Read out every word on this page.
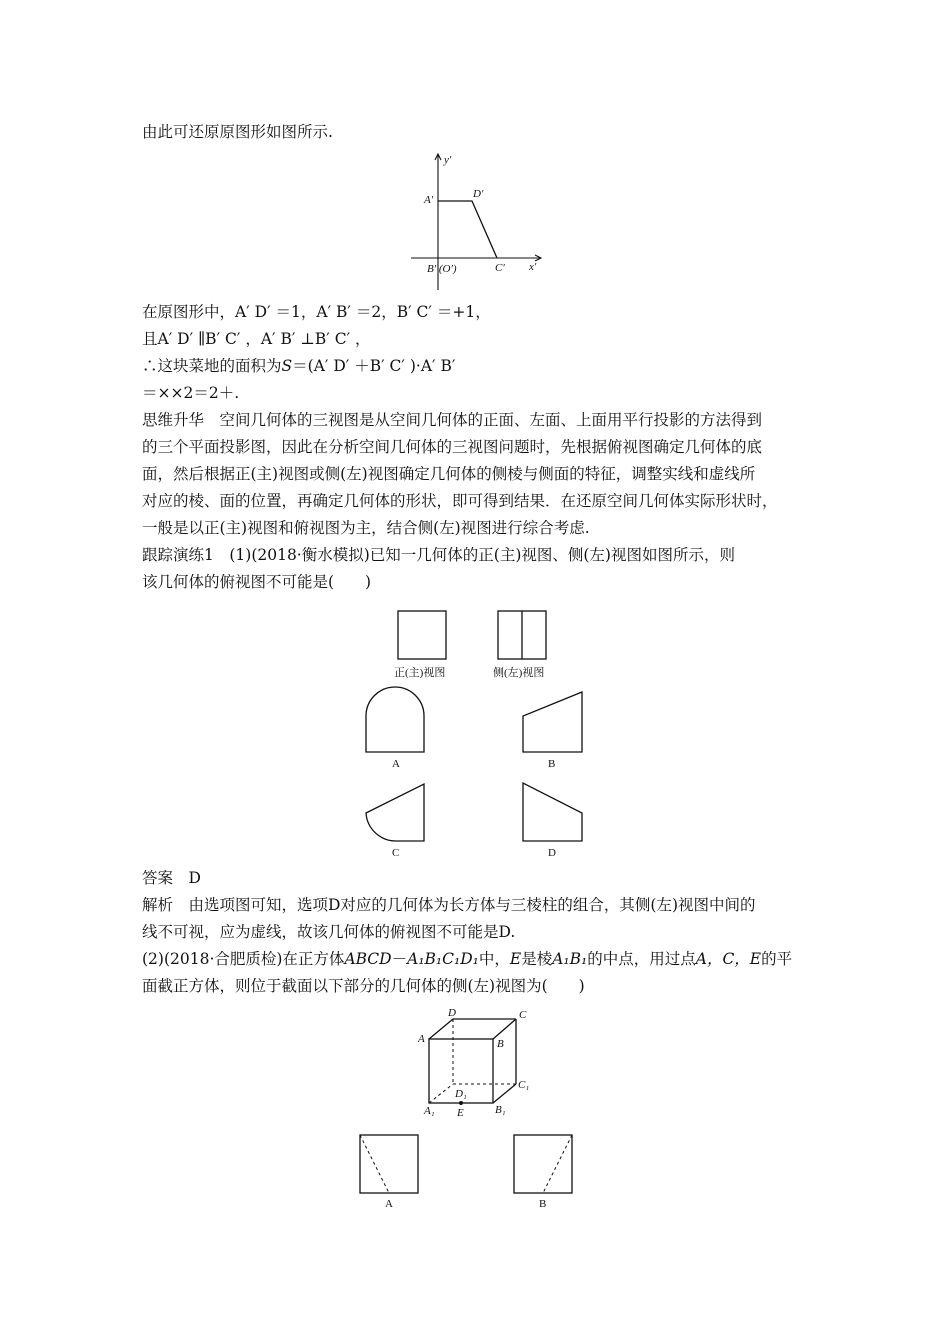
由此可还原原图形如图所示.
y′
x′
A′	D′
B′ (O′)	C′
在原图形中，A′ D′ ＝1，A′ B′ ＝2，B′ C′ ＝+1，
且A′ D′ ∥B′ C′ ，A′ B′ ⊥B′ C′ ，
∴这块菜地的面积为S＝(A′ D′ ＋B′ C′ )·A′ B′
＝××2＝2＋.
思维升华　空间几何体的三视图是从空间几何体的正面、左面、上面用平行投影的方法得到
的三个平面投影图，因此在分析空间几何体的三视图问题时，先根据俯视图确定几何体的底
面，然后根据正(主)视图或侧(左)视图确定几何体的侧棱与侧面的特征，调整实线和虚线所
对应的棱、面的位置，再确定几何体的形状，即可得到结果．在还原空间几何体实际形状时，
一般是以正(主)视图和俯视图为主，结合侧(左)视图进行综合考虑.
跟踪演练1　(1)(2018·衡水模拟)已知一几何体的正(主)视图、侧(左)视图如图所示，则
该几何体的俯视图不可能是(　　)
正(主)视图	侧(左)视图
A	B
C	D
答案　D
解析　由选项图可知，选项D对应的几何体为长方体与三棱柱的组合，其侧(左)视图中间的
线不可视，应为虚线，故该几何体的俯视图不可能是D.
(2)(2018·合肥质检)在正方体ABCD－A₁B₁C₁D₁中，E是棱A₁B₁的中点，用过点A，C，E的平
面截正方体，则位于截面以下部分的几何体的侧(左)视图为(　　)
D	C
A	B
C₁
D₁
A₁ E	B₁
A	B
